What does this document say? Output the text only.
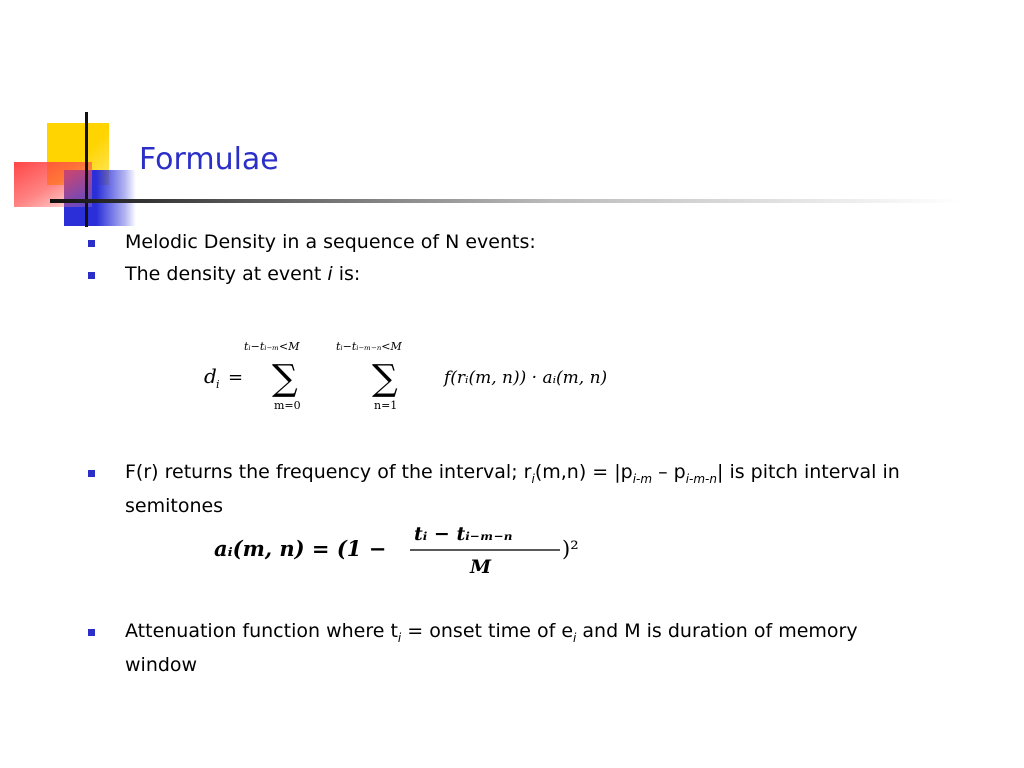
Formulae
Melodic Density in a sequence of N events:
The density at event i is:
d i =
tᵢ−tᵢ₋ₘ<M
∑
m=0
tᵢ−tᵢ₋ₘ₋ₙ<M
∑
n=1
f(rᵢ(m, n)) · aᵢ(m, n)
F(r) returns the frequency of the interval; $r_i(m,n) = |p_{i-m} - p_{i-m-n}|$ is pitch interval in semitones
aᵢ(m, n) = (1 −
tᵢ − tᵢ₋ₘ₋ₙ
M
)²
Attenuation function where $t_i$ = onset time of $e_i$ and M is duration of memory window
